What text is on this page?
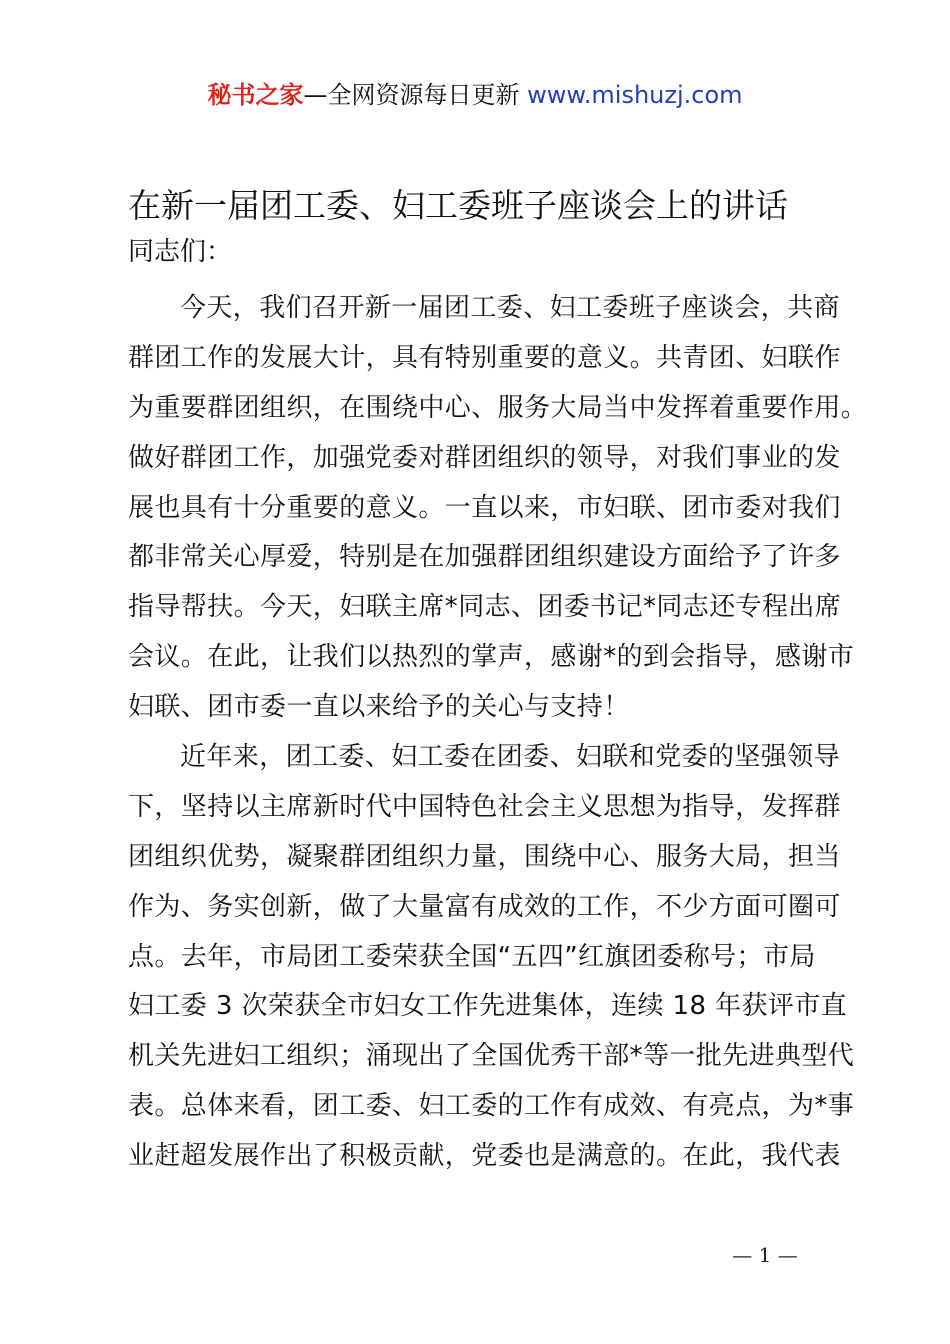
秘书之家—全网资源每日更新 www.mishuzj.com
在新一届团工委、妇工委班子座谈会上的讲话

同志们：

今天，我们召开新一届团工委、妇工委班子座谈会，共商
群团工作的发展大计，具有特别重要的意义。共青团、妇联作
为重要群团组织，在围绕中心、服务大局当中发挥着重要作用。
做好群团工作，加强党委对群团组织的领导，对我们事业的发
展也具有十分重要的意义。一直以来，市妇联、团市委对我们
都非常关心厚爱，特别是在加强群团组织建设方面给予了许多
指导帮扶。今天，妇联主席*同志、团委书记*同志还专程出席
会议。在此，让我们以热烈的掌声，感谢*的到会指导，感谢市
妇联、团市委一直以来给予的关心与支持！
近年来，团工委、妇工委在团委、妇联和党委的坚强领导
下，坚持以主席新时代中国特色社会主义思想为指导，发挥群
团组织优势，凝聚群团组织力量，围绕中心、服务大局，担当
作为、务实创新，做了大量富有成效的工作，不少方面可圈可
点。去年，市局团工委荣获全国“五四”红旗团委称号；市局
妇工委 3 次荣获全市妇女工作先进集体，连续 18 年获评市直
机关先进妇工组织；涌现出了全国优秀干部*等一批先进典型代
表。总体来看，团工委、妇工委的工作有成效、有亮点，为*事
业赶超发展作出了积极贡献，党委也是满意的。在此，我代表
— 1 —
